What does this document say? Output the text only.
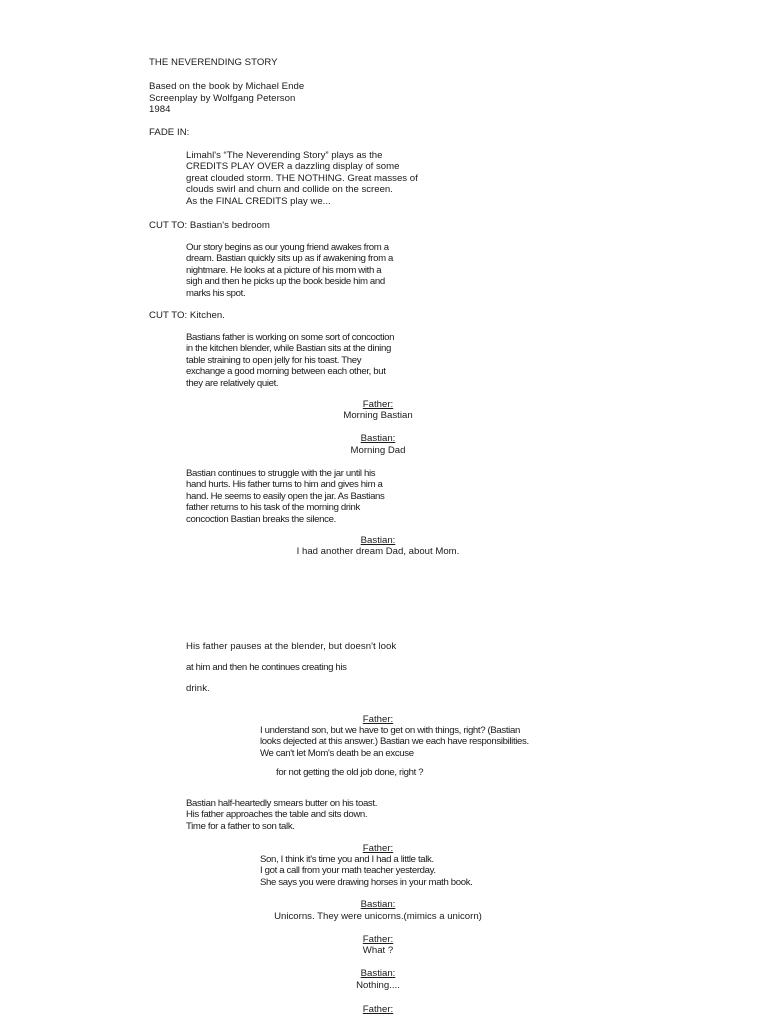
THE NEVERENDING STORY
Based on the book by Michael Ende
Screenplay by Wolfgang Peterson
1984
FADE IN:
Limahl's “The Neverending Story” plays as the
CREDITS PLAY OVER a dazzling display of some
great clouded storm. THE NOTHING. Great masses of
clouds swirl and churn and collide on the screen.
As the FINAL CREDITS play we...
CUT TO: Bastian's bedroom
Our story begins as our young friend awakes from a
dream. Bastian quickly sits up as if awakening from a
nightmare. He looks at a picture of his mom with a
sigh and then he picks up the book beside him and
marks his spot.
CUT TO: Kitchen.
Bastians father is working on some sort of concoction
in the kitchen blender, while Bastian sits at the dining
table straining to open jelly for his toast. They
exchange a good morning between each other, but
they are relatively quiet.
Father:
Morning Bastian
Bastian:
Morning Dad
Bastian continues to struggle with the jar until his
hand hurts. His father turns to him and gives him a
hand. He seems to easily open the jar. As Bastians
father returns to his task of the morning drink
concoction Bastian breaks the silence.
Bastian:
I had another dream Dad, about Mom.
His father pauses at the blender, but doesn't look
at him and then he continues creating his
drink.
Father:
I understand son, but we have to get on with things, right? (Bastian
looks dejected at this answer.) Bastian we each have responsibilities.
We can't let Mom's death be an excuse
for not getting the old job done, right ?
Bastian half-heartedly smears butter on his toast.
His father approaches the table and sits down.
Time for a father to son talk.
Father:
Son, I think it's time you and I had a little talk.
I got a call from your math teacher yesterday.
She says you were drawing horses in your math book.
Bastian:
Unicorns. They were unicorns.(mimics a unicorn)
Father:
What ?
Bastian:
Nothing....
Father:
